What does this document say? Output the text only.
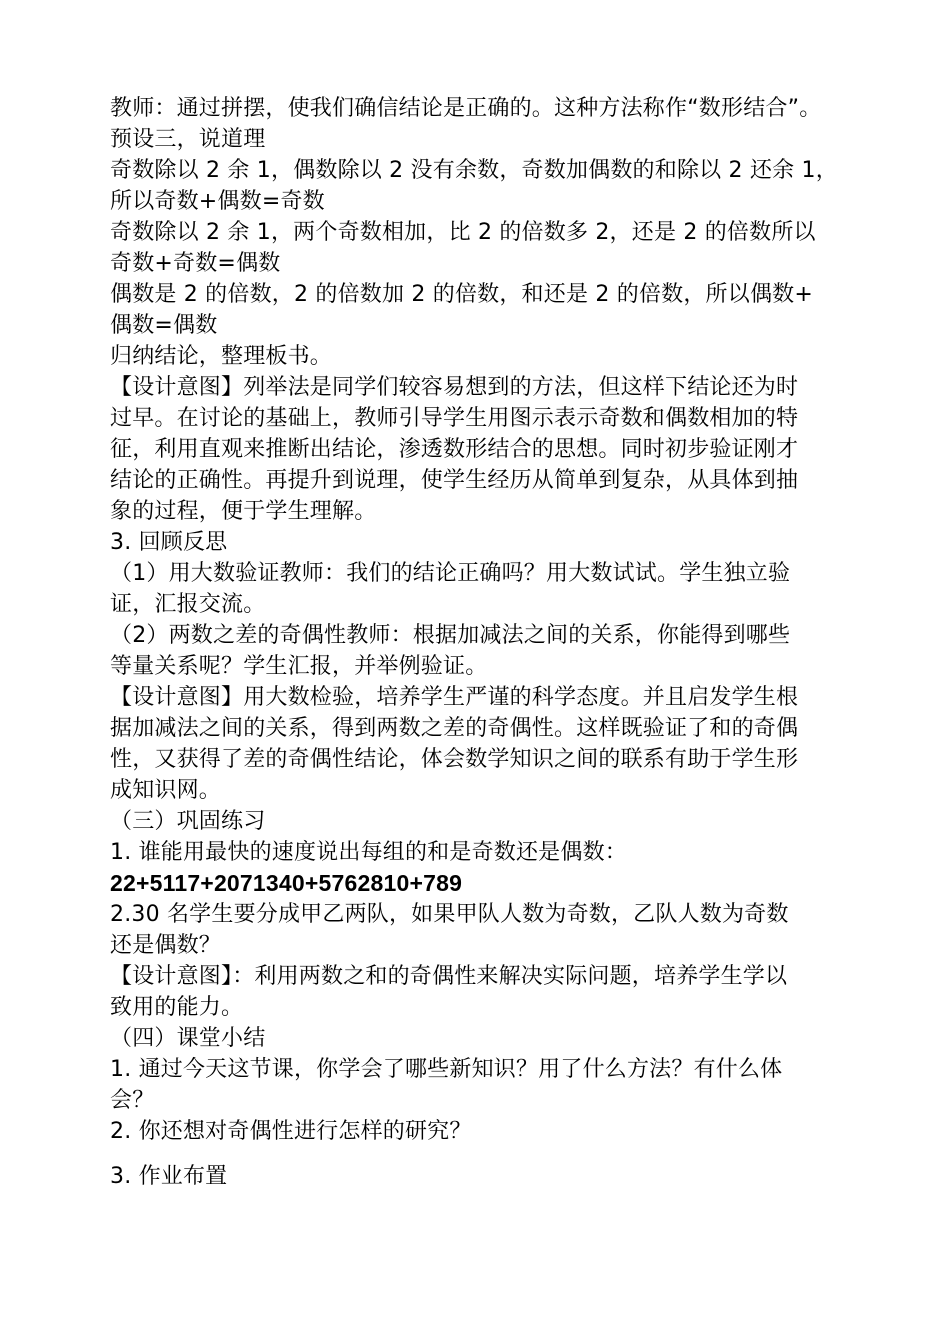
教师：通过拼摆，使我们确信结论是正确的。这种方法称作“数形结合”。
预设三，说道理
奇数除以 2 余 1，偶数除以 2 没有余数，奇数加偶数的和除以 2 还余 1，
所以奇数+偶数=奇数
奇数除以 2 余 1，两个奇数相加，比 2 的倍数多 2，还是 2 的倍数所以
奇数+奇数=偶数
偶数是 2 的倍数，2 的倍数加 2 的倍数，和还是 2 的倍数，所以偶数+
偶数=偶数
归纳结论，整理板书。
【设计意图】列举法是同学们较容易想到的方法，但这样下结论还为时
过早。在讨论的基础上，教师引导学生用图示表示奇数和偶数相加的特
征，利用直观来推断出结论，渗透数形结合的思想。同时初步验证刚才
结论的正确性。再提升到说理，使学生经历从简单到复杂，从具体到抽
象的过程，便于学生理解。
3. 回顾反思
（1）用大数验证教师：我们的结论正确吗？用大数试试。学生独立验
证，汇报交流。
（2）两数之差的奇偶性教师：根据加减法之间的关系，你能得到哪些
等量关系呢？学生汇报，并举例验证。
【设计意图】用大数检验，培养学生严谨的科学态度。并且启发学生根
据加减法之间的关系，得到两数之差的奇偶性。这样既验证了和的奇偶
性，又获得了差的奇偶性结论，体会数学知识之间的联系有助于学生形
成知识网。
（三）巩固练习
1. 谁能用最快的速度说出每组的和是奇数还是偶数：
22+5117+2071340+5762810+789
2.30 名学生要分成甲乙两队，如果甲队人数为奇数，乙队人数为奇数
还是偶数？
【设计意图】：利用两数之和的奇偶性来解决实际问题，培养学生学以
致用的能力。
（四）课堂小结
1. 通过今天这节课，你学会了哪些新知识？用了什么方法？有什么体
会？
2. 你还想对奇偶性进行怎样的研究？
3. 作业布置
